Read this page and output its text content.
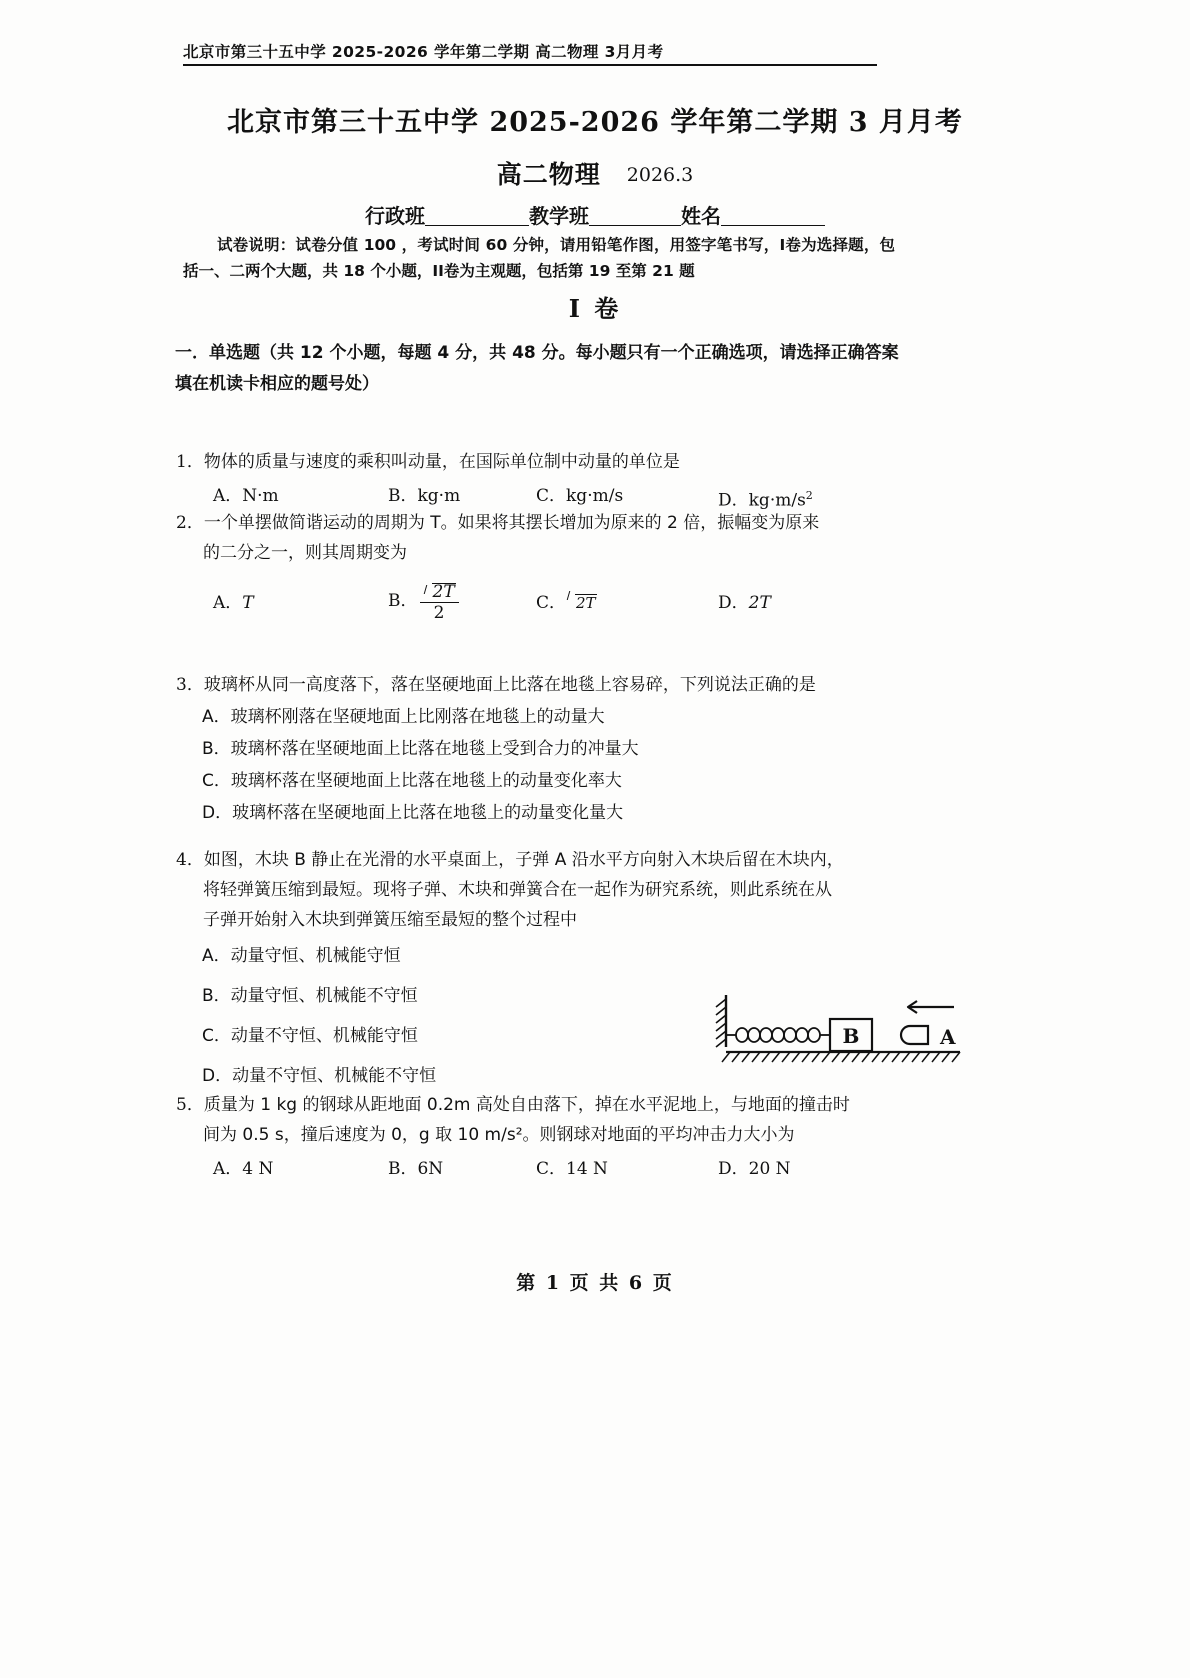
北京市第三十五中学 2025-2026 学年第二学期 高二物理 3月月考
北京市第三十五中学 2025-2026 学年第二学期 3 月月考
高二物理 2026.3
行政班	教学班	姓名
试卷说明：试卷分值 100 ，考试时间 60 分钟，请用铅笔作图，用签字笔书写，I卷为选择题，包括一、二两个大题，共 18 个小题，II卷为主观题，包括第 19 至第 21 题
I 卷
一．单选题（共 12 个小题，每题 4 分，共 48 分。每小题只有一个正确选项，请选择正确答案填在机读卡相应的题号处）
1．物体的质量与速度的乘积叫动量，在国际单位制中动量的单位是
A．N·m	B．kg·m	C．kg·m/s	D．$kg\cdot m/s^2$
2．一个单摆做简谐运动的周期为 T。如果将其摆长增加为原来的 2 倍，振幅变为原来
的二分之一，则其周期变为
A．T	B． $\frac{2T}{2}$	C． 2T	D．2T
3．玻璃杯从同一高度落下，落在坚硬地面上比落在地毯上容易碎，下列说法正确的是
A．玻璃杯刚落在坚硬地面上比刚落在地毯上的动量大
B．玻璃杯落在坚硬地面上比落在地毯上受到合力的冲量大
C．玻璃杯落在坚硬地面上比落在地毯上的动量变化率大
D．玻璃杯落在坚硬地面上比落在地毯上的动量变化量大
4．如图，木块 B 静止在光滑的水平桌面上，子弹 A 沿水平方向射入木块后留在木块内，
将轻弹簧压缩到最短。现将子弹、木块和弹簧合在一起作为研究系统，则此系统在从
子弹开始射入木块到弹簧压缩至最短的整个过程中
A．动量守恒、机械能守恒
B．动量守恒、机械能不守恒
C．动量不守恒、机械能守恒
D．动量不守恒、机械能不守恒
B	A
5．质量为 1 kg 的钢球从距地面 0.2m 高处自由落下，掉在水平泥地上，与地面的撞击时
间为 0.5 s，撞后速度为 0，g 取 10 m/s²。则钢球对地面的平均冲击力大小为
A．4 N	B．6N	C．14 N	D．20 N
第 1 页 共 6 页
